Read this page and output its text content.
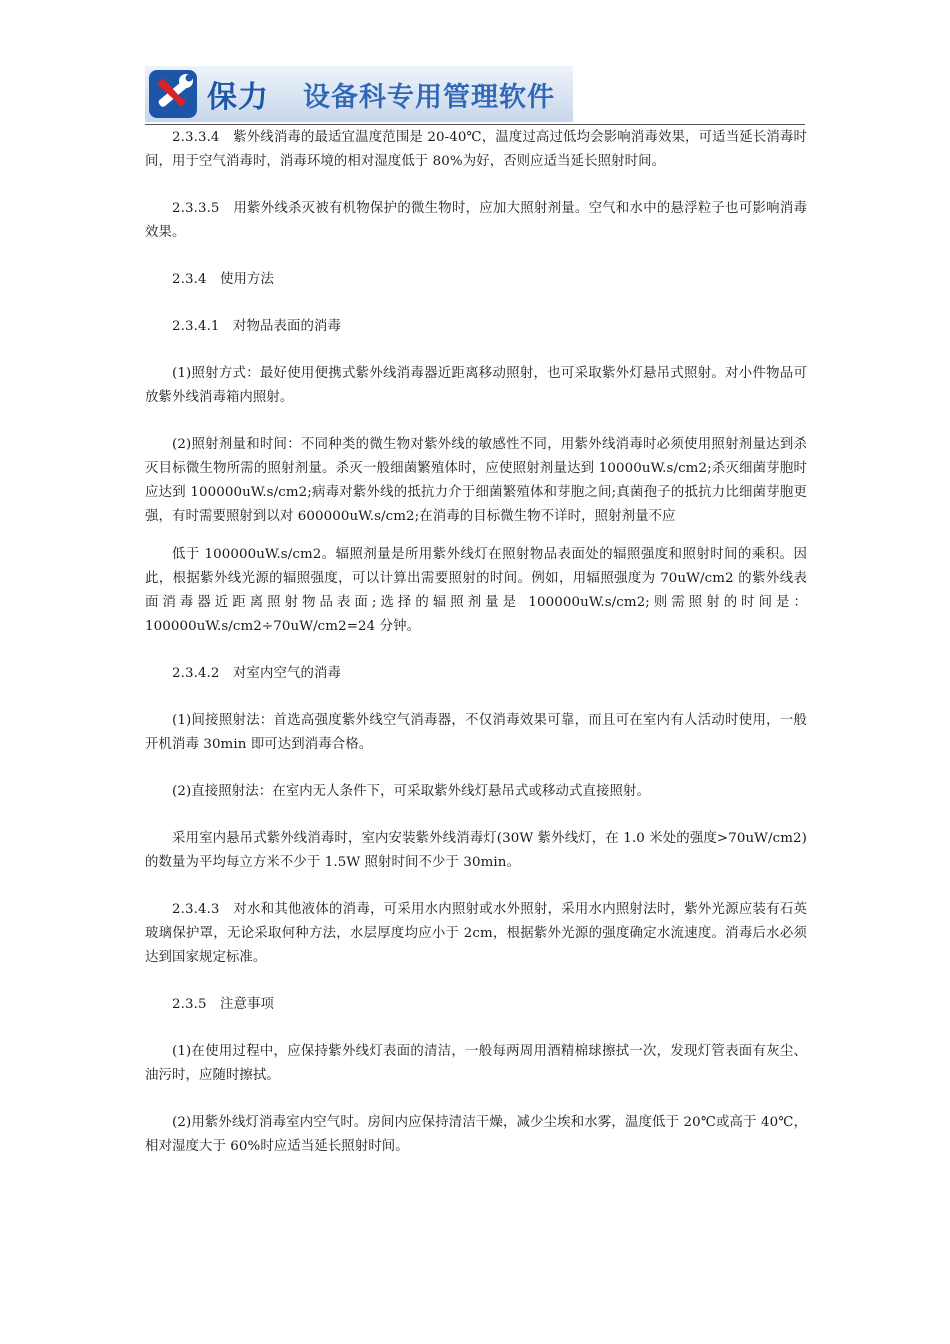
保力 设备科专用管理软件

2.3.3.4　紫外线消毒的最适宜温度范围是 20-40℃，温度过高过低均会影响消毒效果，可适当延长消毒时间，用于空气消毒时，消毒环境的相对湿度低于 80%为好，否则应适当延长照射时间。

2.3.3.5　用紫外线杀灭被有机物保护的微生物时，应加大照射剂量。空气和水中的悬浮粒子也可影响消毒效果。

2.3.4　使用方法

2.3.4.1　对物品表面的消毒

(1)照射方式：最好使用便携式紫外线消毒器近距离移动照射，也可采取紫外灯悬吊式照射。对小件物品可放紫外线消毒箱内照射。

(2)照射剂量和时间：不同种类的微生物对紫外线的敏感性不同，用紫外线消毒时必须使用照射剂量达到杀灭目标微生物所需的照射剂量。杀灭一般细菌繁殖体时，应使照射剂量达到 10000uW.s/cm2;杀灭细菌芽胞时应达到 100000uW.s/cm2;病毒对紫外线的抵抗力介于细菌繁殖体和芽胞之间;真菌孢子的抵抗力比细菌芽胞更强，有时需要照射到以对 600000uW.s/cm2;在消毒的目标微生物不详时，照射剂量不应

低于 100000uW.s/cm2。辐照剂量是所用紫外线灯在照射物品表面处的辐照强度和照射时间的乘积。因此，根据紫外线光源的辐照强度，可以计算出需要照射的时间。例如，用辐照强度为 70uW/cm2 的紫外线表面消毒器近距离照射物品表面;选择的辐照剂量是 100000uW.s/cm2;则需照射的时间是：100000uW.s/cm2÷70uW/cm2=24 分钟。

2.3.4.2　对室内空气的消毒

(1)间接照射法：首选高强度紫外线空气消毒器，不仅消毒效果可靠，而且可在室内有人活动时使用，一般开机消毒 30min 即可达到消毒合格。

(2)直接照射法：在室内无人条件下，可采取紫外线灯悬吊式或移动式直接照射。

采用室内悬吊式紫外线消毒时，室内安装紫外线消毒灯(30W 紫外线灯，在 1.0 米处的强度>70uW/cm2)的数量为平均每立方米不少于 1.5W 照射时间不少于 30min。

2.3.4.3　对水和其他液体的消毒，可采用水内照射或水外照射，采用水内照射法时，紫外光源应装有石英玻璃保护罩，无论采取何种方法，水层厚度均应小于 2cm，根据紫外光源的强度确定水流速度。消毒后水必须达到国家规定标准。

2.3.5　注意事项

(1)在使用过程中，应保持紫外线灯表面的清洁，一般每两周用酒精棉球擦拭一次，发现灯管表面有灰尘、油污时，应随时擦拭。

(2)用紫外线灯消毒室内空气时。房间内应保持清洁干燥，减少尘埃和水雾，温度低于 20℃或高于 40℃，相对湿度大于 60%时应适当延长照射时间。
